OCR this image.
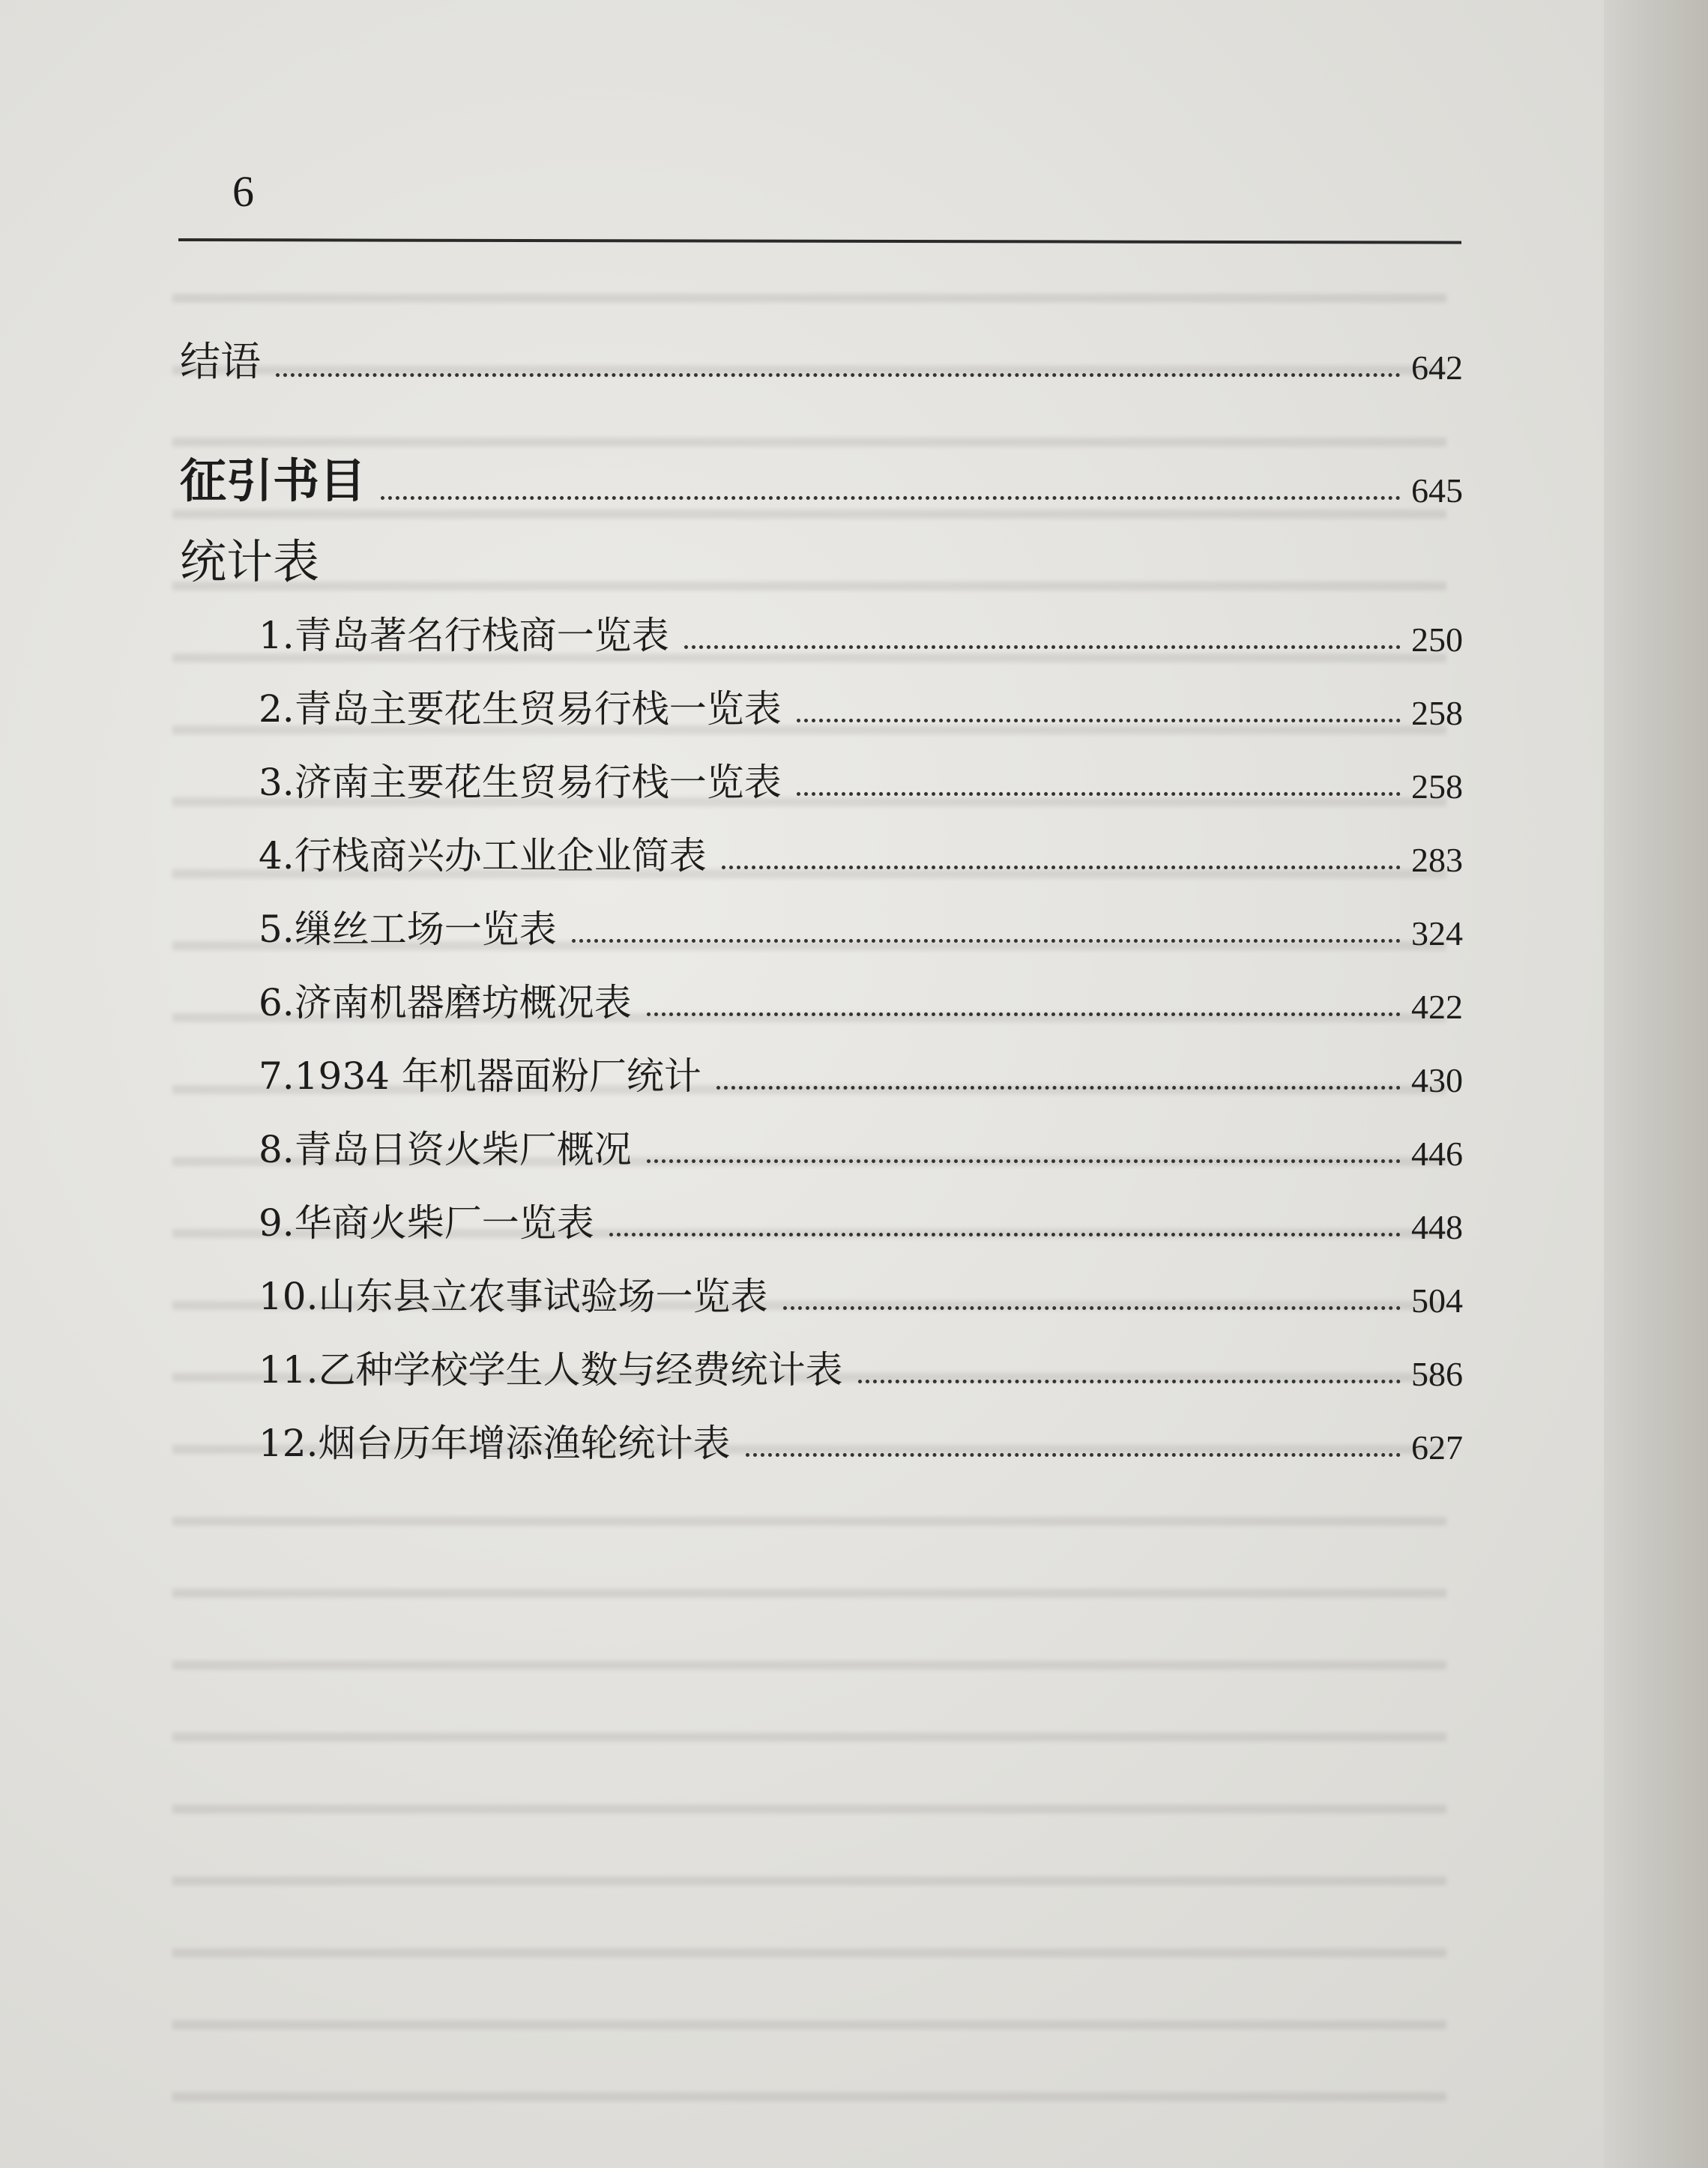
6
结语	642
征引书目	645
统计表
1.青岛著名行栈商一览表	250
2.青岛主要花生贸易行栈一览表	258
3.济南主要花生贸易行栈一览表	258
4.行栈商兴办工业企业简表	283
5.缫丝工场一览表	324
6.济南机器磨坊概况表	422
7.1934 年机器面粉厂统计	430
8.青岛日资火柴厂概况	446
9.华商火柴厂一览表	448
10.山东县立农事试验场一览表	504
11.乙种学校学生人数与经费统计表	586
12.烟台历年增添渔轮统计表	627
